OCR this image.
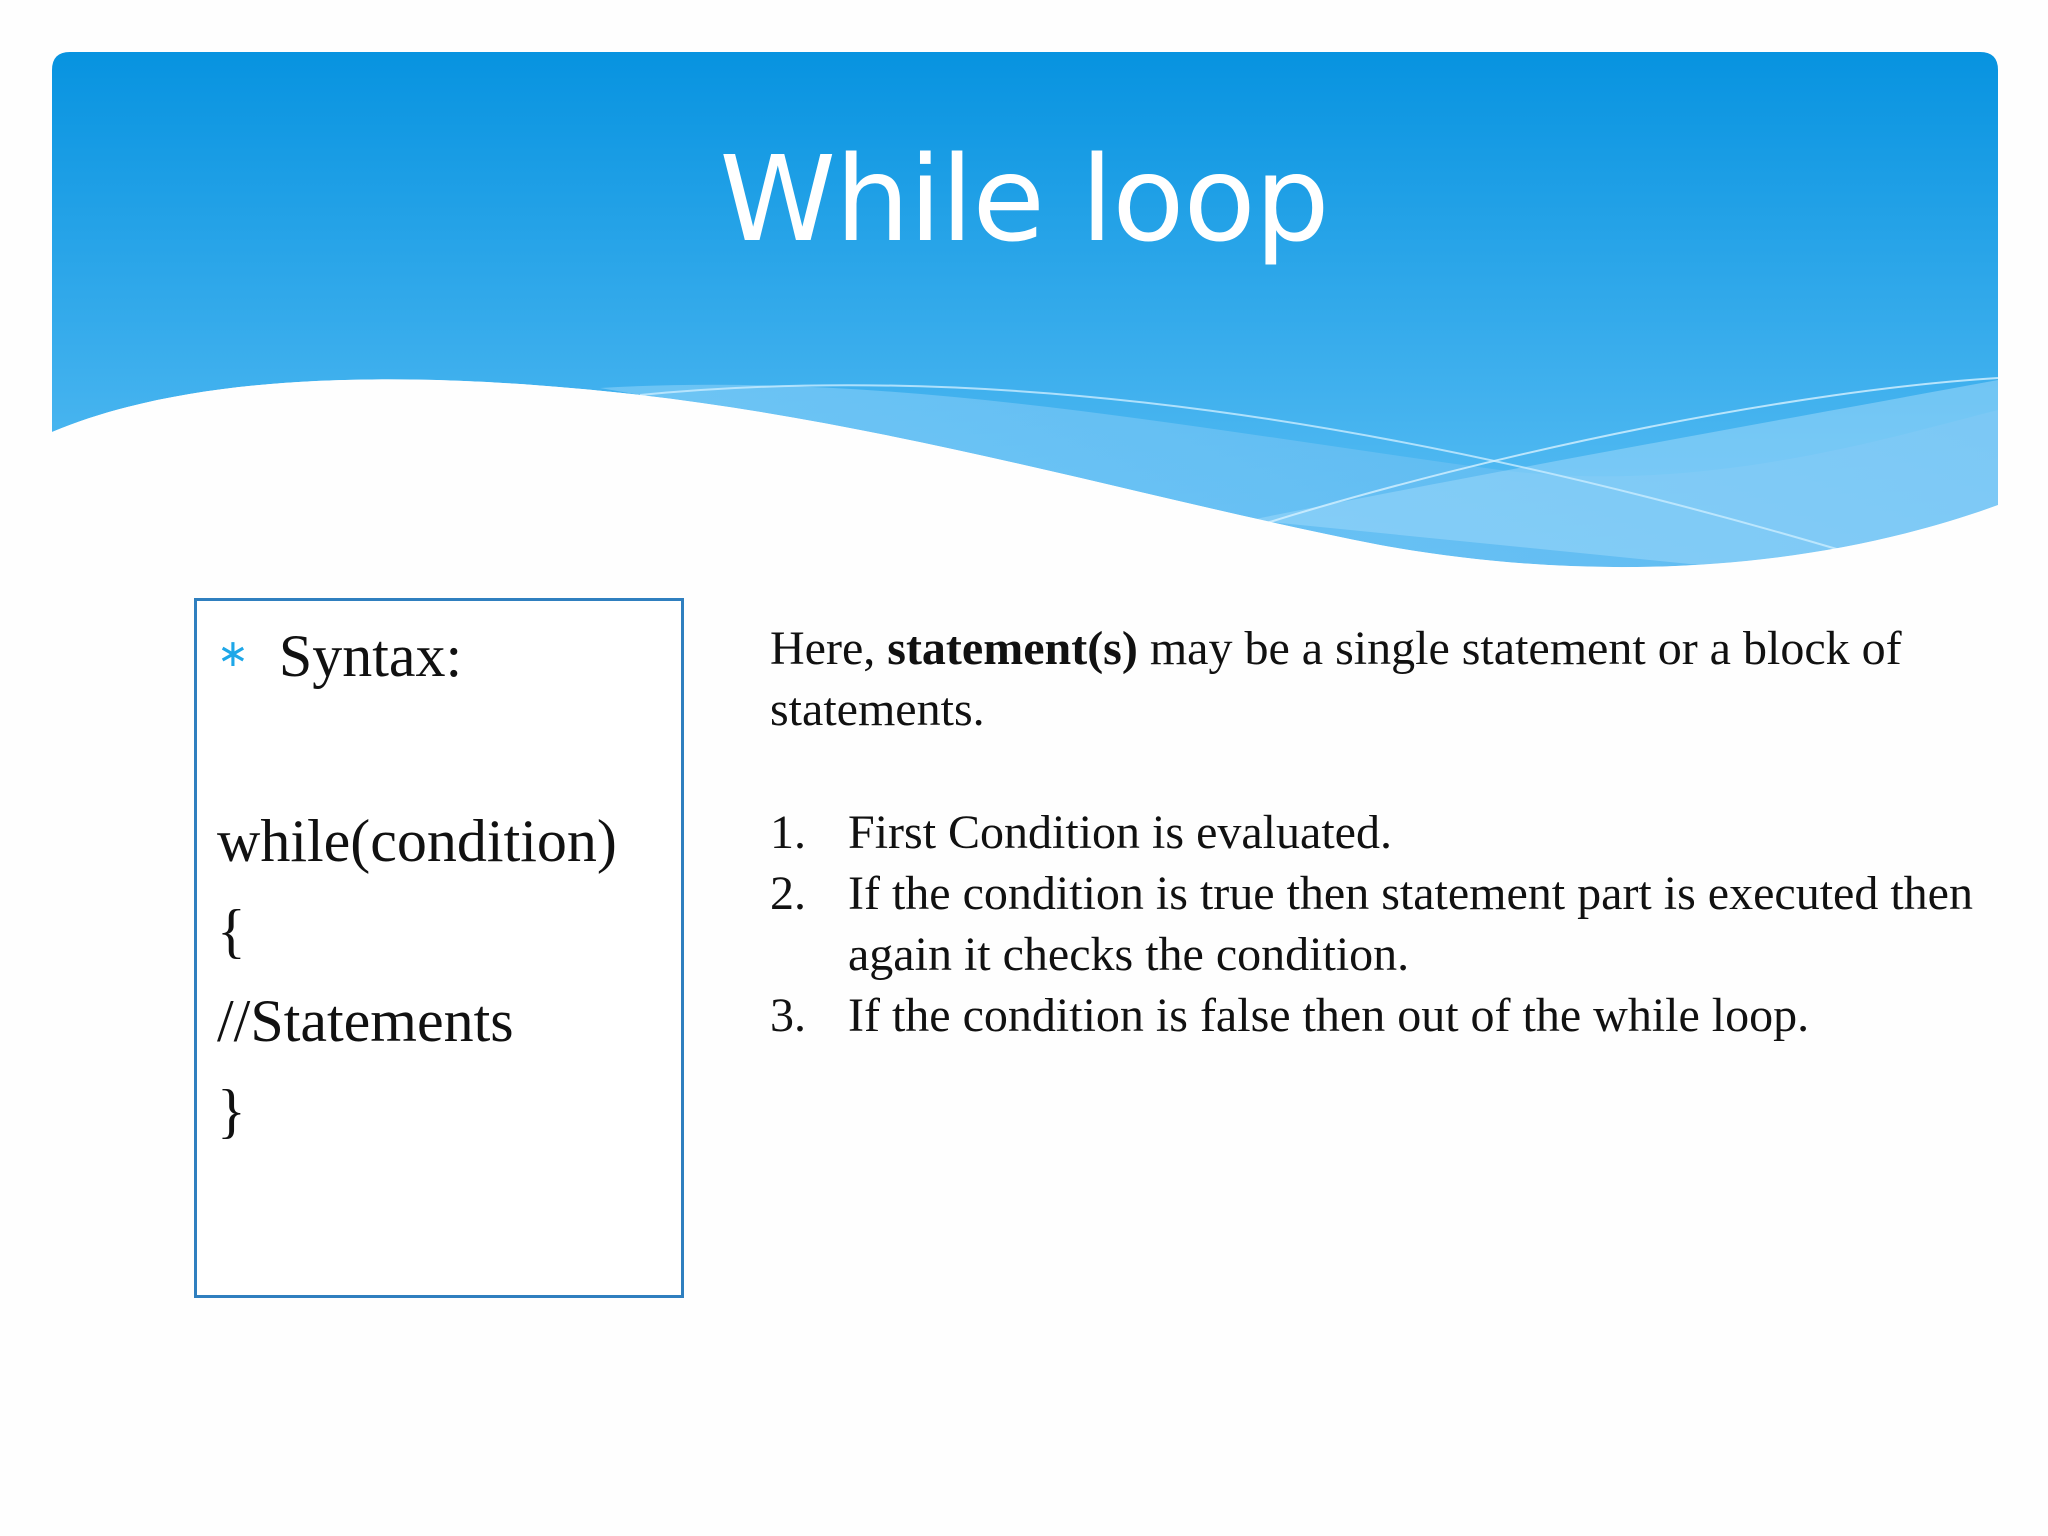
While loop
∗ Syntax:
while(condition)
{
//Statements
}
Here, statement(s) may be a single statement or a block of statements.
1. First Condition is evaluated.
2. If the condition is true then statement part is executed then again it checks the condition.
3. If the condition is false then out of the while loop.
